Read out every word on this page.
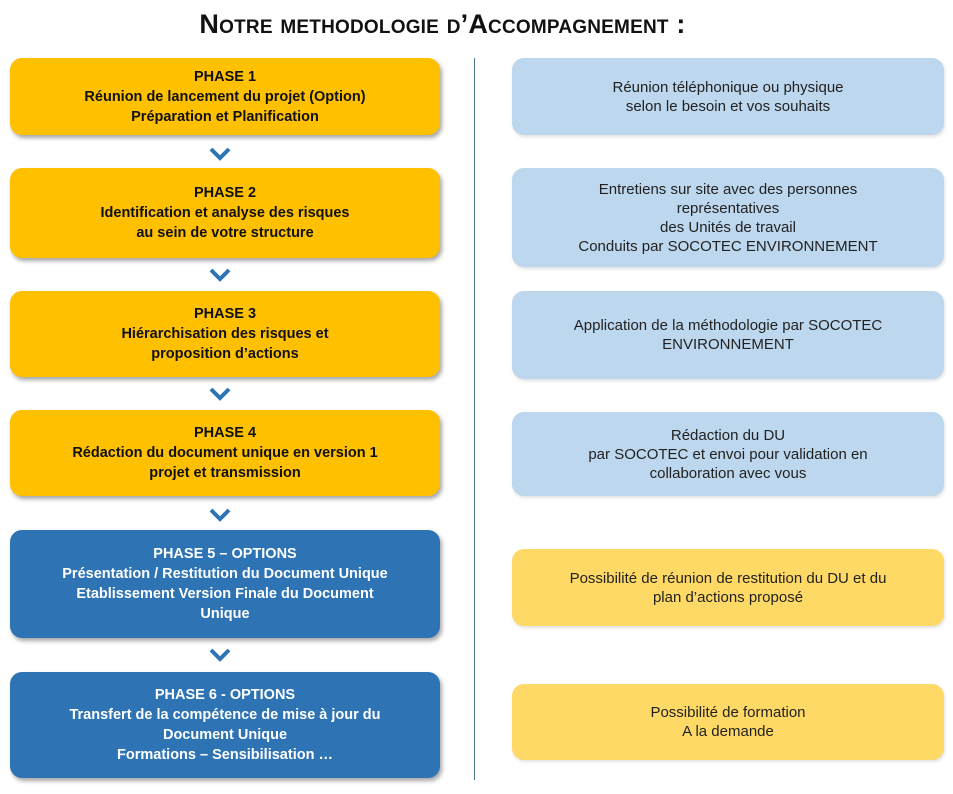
Notre methodologie d’Accompagnement :
PHASE 1
Réunion de lancement du projet (Option)
Préparation et Planification
PHASE 2
Identification et analyse des risques
au sein de votre structure
PHASE 3
Hiérarchisation des risques et
proposition d’actions
PHASE 4
Rédaction du document unique en version 1
projet et transmission
PHASE 5 – OPTIONS
Présentation / Restitution du Document Unique
Etablissement Version Finale du Document
Unique
PHASE 6 - OPTIONS
Transfert de la compétence de mise à jour du
Document Unique
Formations – Sensibilisation …
Réunion téléphonique ou physique
selon le besoin et vos souhaits
Entretiens sur site avec des personnes
représentatives
des Unités de travail
Conduits par SOCOTEC ENVIRONNEMENT
Application de la méthodologie par SOCOTEC
ENVIRONNEMENT
Rédaction du DU
par SOCOTEC et envoi pour validation en
collaboration avec vous
Possibilité de réunion de restitution du DU et du
plan d’actions proposé
Possibilité de formation
A la demande
